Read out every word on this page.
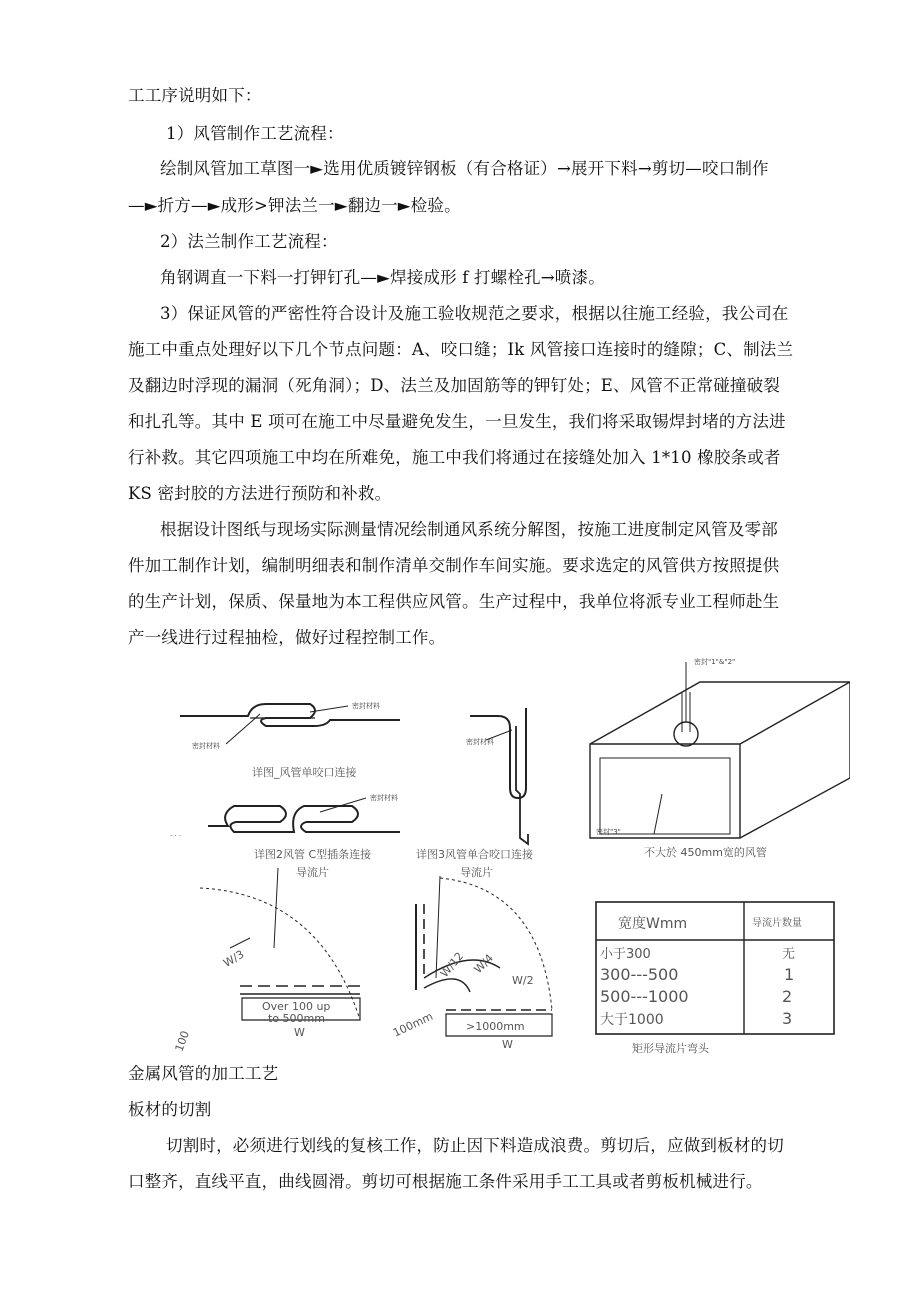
工工序说明如下：
1）风管制作工艺流程：
绘制风管加工草图一►选用优质镀锌钢板（有合格证）→展开下料→剪切—咬口制作
—►折方—►成形>钾法兰一►翻边一►检验。
2）法兰制作工艺流程：
角钢调直一下料一打钾钉孔—►焊接成形 f 打螺栓孔→喷漆。
3）保证风管的严密性符合设计及施工验收规范之要求，根据以往施工经验，我公司在
施工中重点处理好以下几个节点问题：A、咬口缝；Ik 风管接口连接时的缝隙；C、制法兰
及翻边时浮现的漏洞（死角洞）；D、法兰及加固筋等的钾钉处；E、风管不正常碰撞破裂
和扎孔等。其中 E 项可在施工中尽量避免发生，一旦发生，我们将采取锡焊封堵的方法进
行补救。其它四项施工中均在所难免，施工中我们将通过在接缝处加入 1*10 橡胶条或者
KS 密封胶的方法进行预防和补救。
根据设计图纸与现场实际测量情况绘制通风系统分解图，按施工进度制定风管及零部
件加工制作计划，编制明细表和制作清单交制作车间实施。要求选定的风管供方按照提供
的生产计划，保质、保量地为本工程供应风管。生产过程中，我单位将派专业工程师赴生
产一线进行过程抽检，做好过程控制工作。
密封材料
密封材料
详图_风管单咬口连接
密封材料
· · ·
详图2风管 C型插条连接
密封材料
详图3风管单合咬口连接
密封"1"&"2"
密封"3"
不大於 450mm宽的风管
导流片
W/3
Over 100 up
to 500mm
W
100
导流片
W/12 W/4
W/2
100mm	>1000mm
W
宽度Wmm	导流片数量
小于300	无
300---500	1
500---1000	2
大于1000	3
矩形导流片弯头
金属风管的加工工艺
板材的切割
切割时，必须进行划线的复核工作，防止因下料造成浪费。剪切后，应做到板材的切
口整齐，直线平直，曲线圆滑。剪切可根据施工条件采用手工工具或者剪板机械进行。
